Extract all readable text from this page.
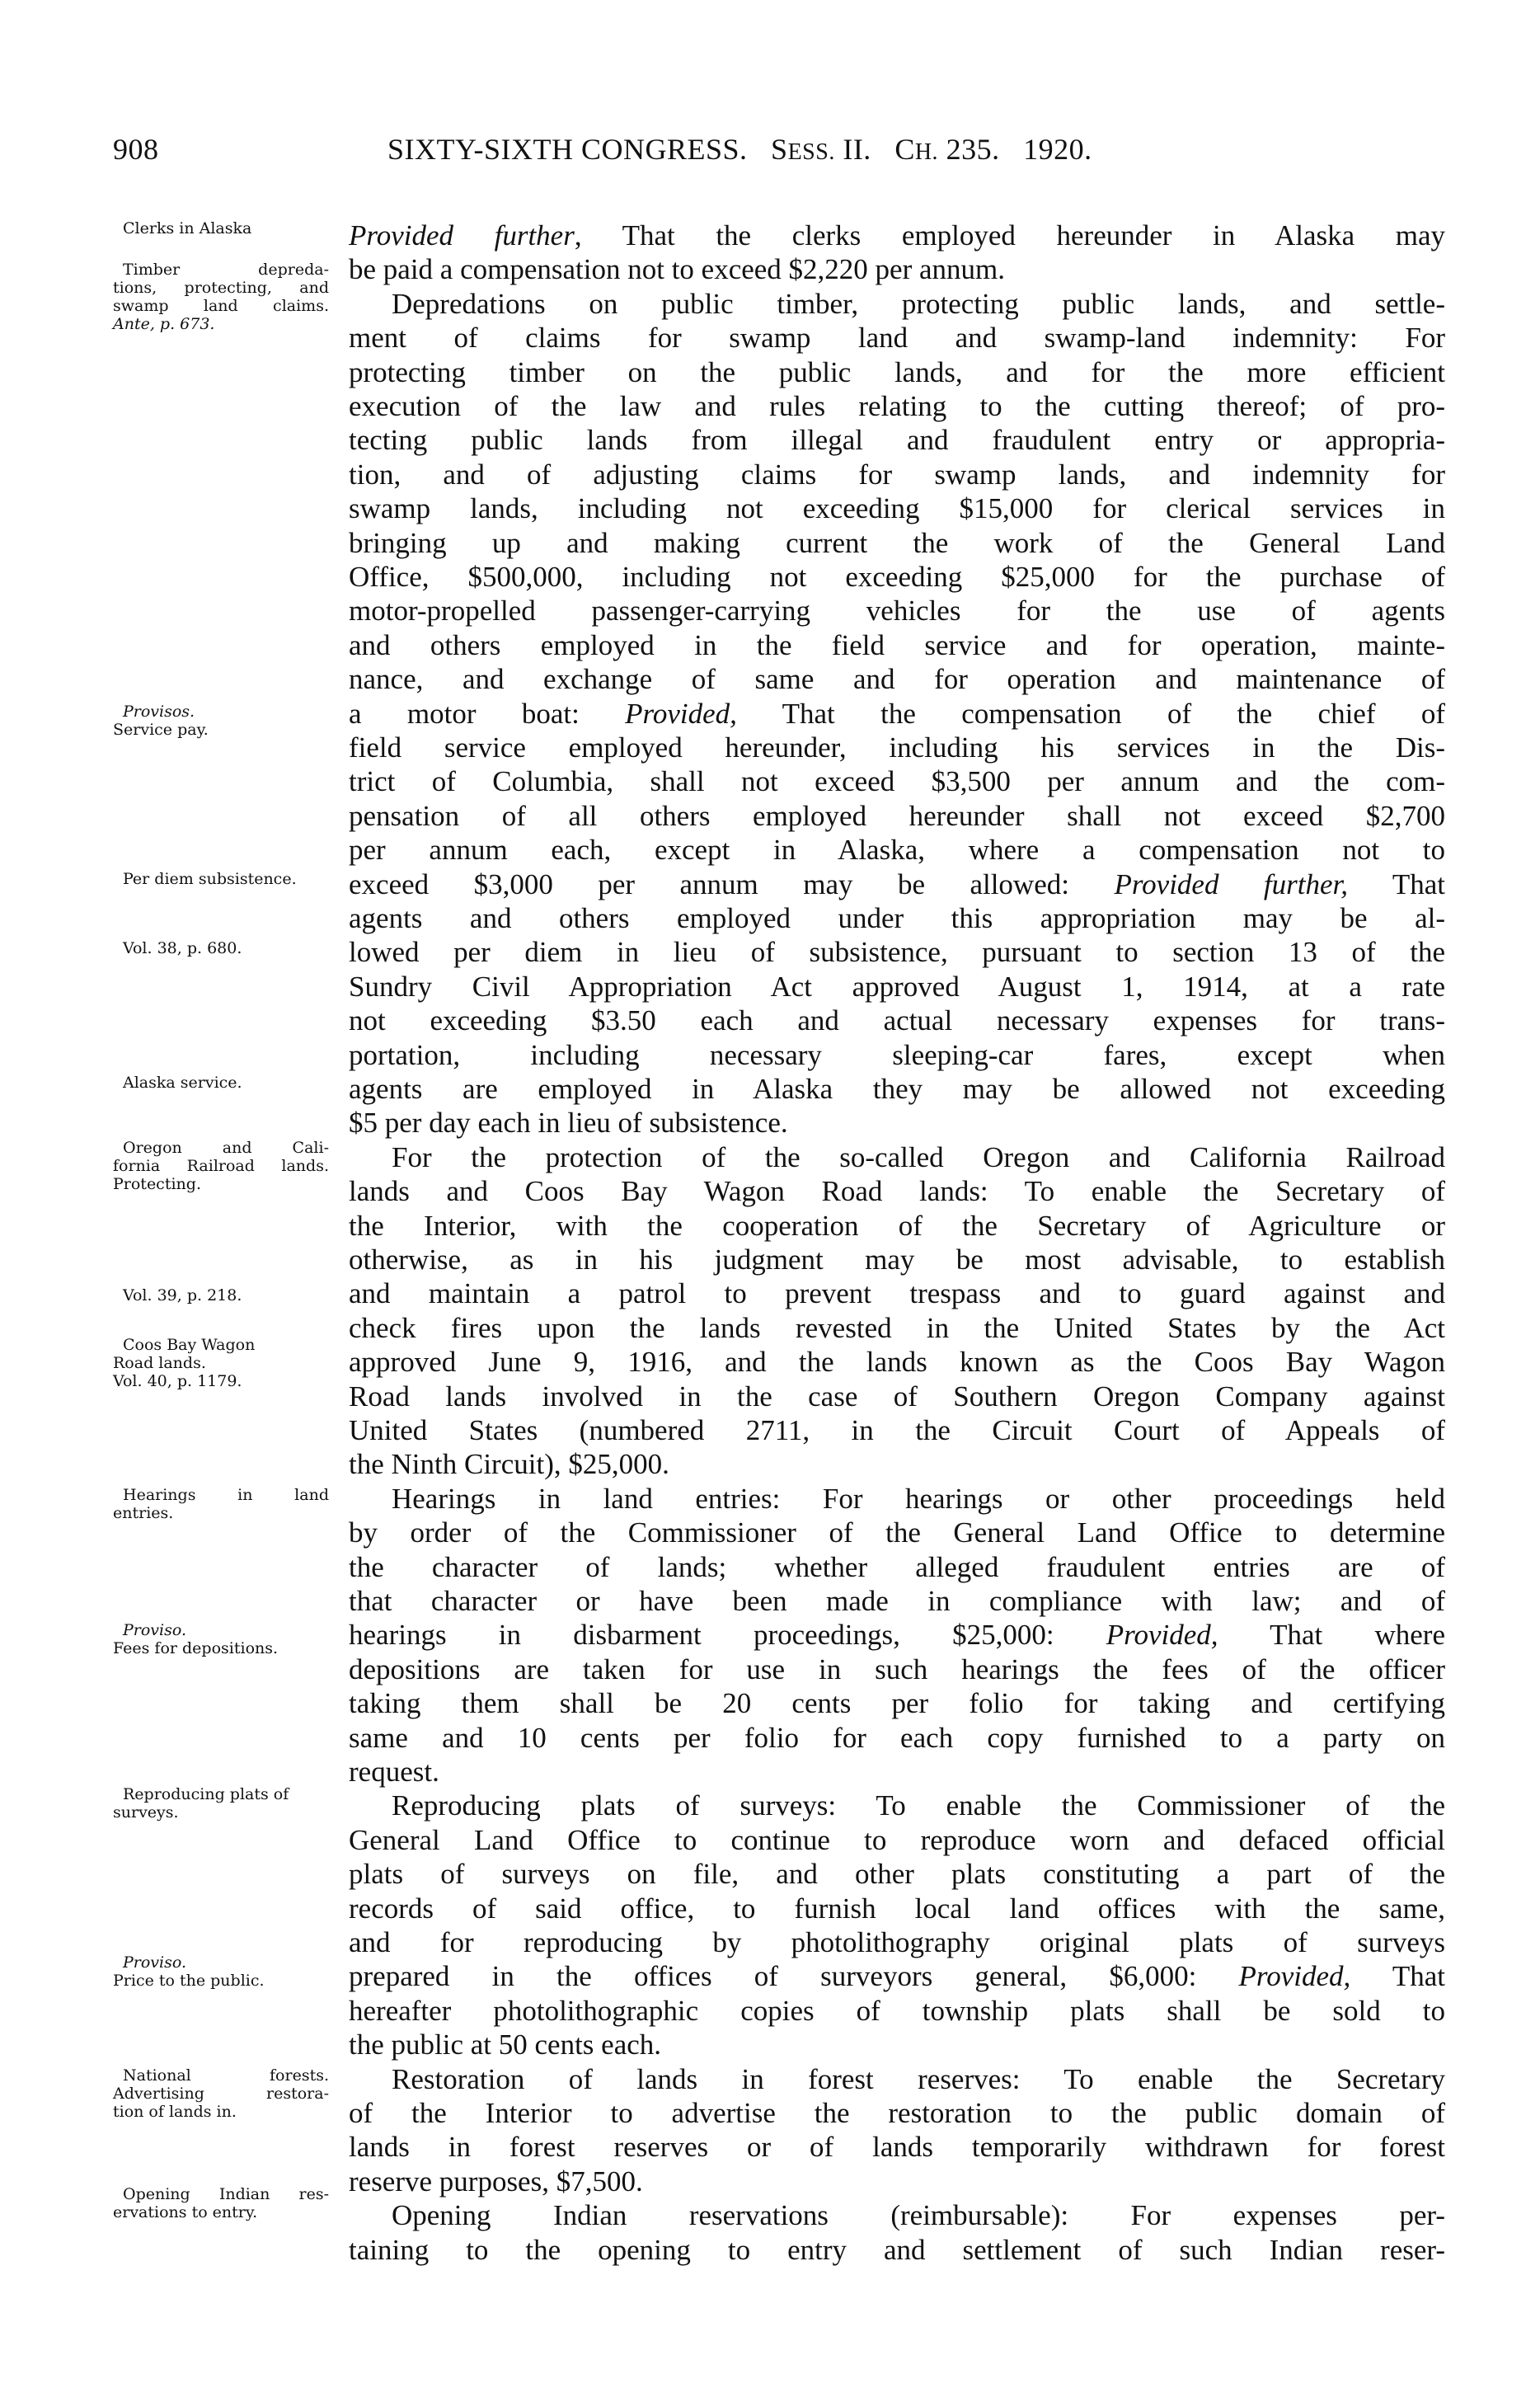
908	SIXTY-SIXTH CONGRESS. SESS. II. CH. 235. 1920.
Clerks in Alaska
Timber depreda-
tions, protecting, and
swamp land claims.
Ante, p. 673.
Provisos.
Service pay.
Per diem subsistence.
Vol. 38, p. 680.
Alaska service.
Oregon and Cali-
fornia Railroad lands.
Protecting.
Vol. 39, p. 218.
Coos Bay Wagon
Road lands.
Vol. 40, p. 1179.
Hearings in land
entries.
Proviso.
Fees for depositions.
Reproducing plats of
surveys.
Proviso.
Price to the public.
National forests.
Advertising restora-
tion of lands in.
Opening Indian res-
ervations to entry.
Provided further, That the clerks employed hereunder in Alaska may
be paid a compensation not to exceed $2,220 per annum.
Depredations on public timber, protecting public lands, and settle-
ment of claims for swamp land and swamp-land indemnity: For
protecting timber on the public lands, and for the more efficient
execution of the law and rules relating to the cutting thereof; of pro-
tecting public lands from illegal and fraudulent entry or appropria-
tion, and of adjusting claims for swamp lands, and indemnity for
swamp lands, including not exceeding $15,000 for clerical services in
bringing up and making current the work of the General Land
Office, $500,000, including not exceeding $25,000 for the purchase of
motor-propelled passenger-carrying vehicles for the use of agents
and others employed in the field service and for operation, mainte-
nance, and exchange of same and for operation and maintenance of
a motor boat: Provided, That the compensation of the chief of
field service employed hereunder, including his services in the Dis-
trict of Columbia, shall not exceed $3,500 per annum and the com-
pensation of all others employed hereunder shall not exceed $2,700
per annum each, except in Alaska, where a compensation not to
exceed $3,000 per annum may be allowed: Provided further, That
agents and others employed under this appropriation may be al-
lowed per diem in lieu of subsistence, pursuant to section 13 of the
Sundry Civil Appropriation Act approved August 1, 1914, at a rate
not exceeding $3.50 each and actual necessary expenses for trans-
portation, including necessary sleeping-car fares, except when
agents are employed in Alaska they may be allowed not exceeding
$5 per day each in lieu of subsistence.
For the protection of the so-called Oregon and California Railroad
lands and Coos Bay Wagon Road lands: To enable the Secretary of
the Interior, with the cooperation of the Secretary of Agriculture or
otherwise, as in his judgment may be most advisable, to establish
and maintain a patrol to prevent trespass and to guard against and
check fires upon the lands revested in the United States by the Act
approved June 9, 1916, and the lands known as the Coos Bay Wagon
Road lands involved in the case of Southern Oregon Company against
United States (numbered 2711, in the Circuit Court of Appeals of
the Ninth Circuit), $25,000.
Hearings in land entries: For hearings or other proceedings held
by order of the Commissioner of the General Land Office to determine
the character of lands; whether alleged fraudulent entries are of
that character or have been made in compliance with law; and of
hearings in disbarment proceedings, $25,000: Provided, That where
depositions are taken for use in such hearings the fees of the officer
taking them shall be 20 cents per folio for taking and certifying
same and 10 cents per folio for each copy furnished to a party on
request.
Reproducing plats of surveys: To enable the Commissioner of the
General Land Office to continue to reproduce worn and defaced official
plats of surveys on file, and other plats constituting a part of the
records of said office, to furnish local land offices with the same,
and for reproducing by photolithography original plats of surveys
prepared in the offices of surveyors general, $6,000: Provided, That
hereafter photolithographic copies of township plats shall be sold to
the public at 50 cents each.
Restoration of lands in forest reserves: To enable the Secretary
of the Interior to advertise the restoration to the public domain of
lands in forest reserves or of lands temporarily withdrawn for forest
reserve purposes, $7,500.
Opening Indian reservations (reimbursable): For expenses per-
taining to the opening to entry and settlement of such Indian reser-
